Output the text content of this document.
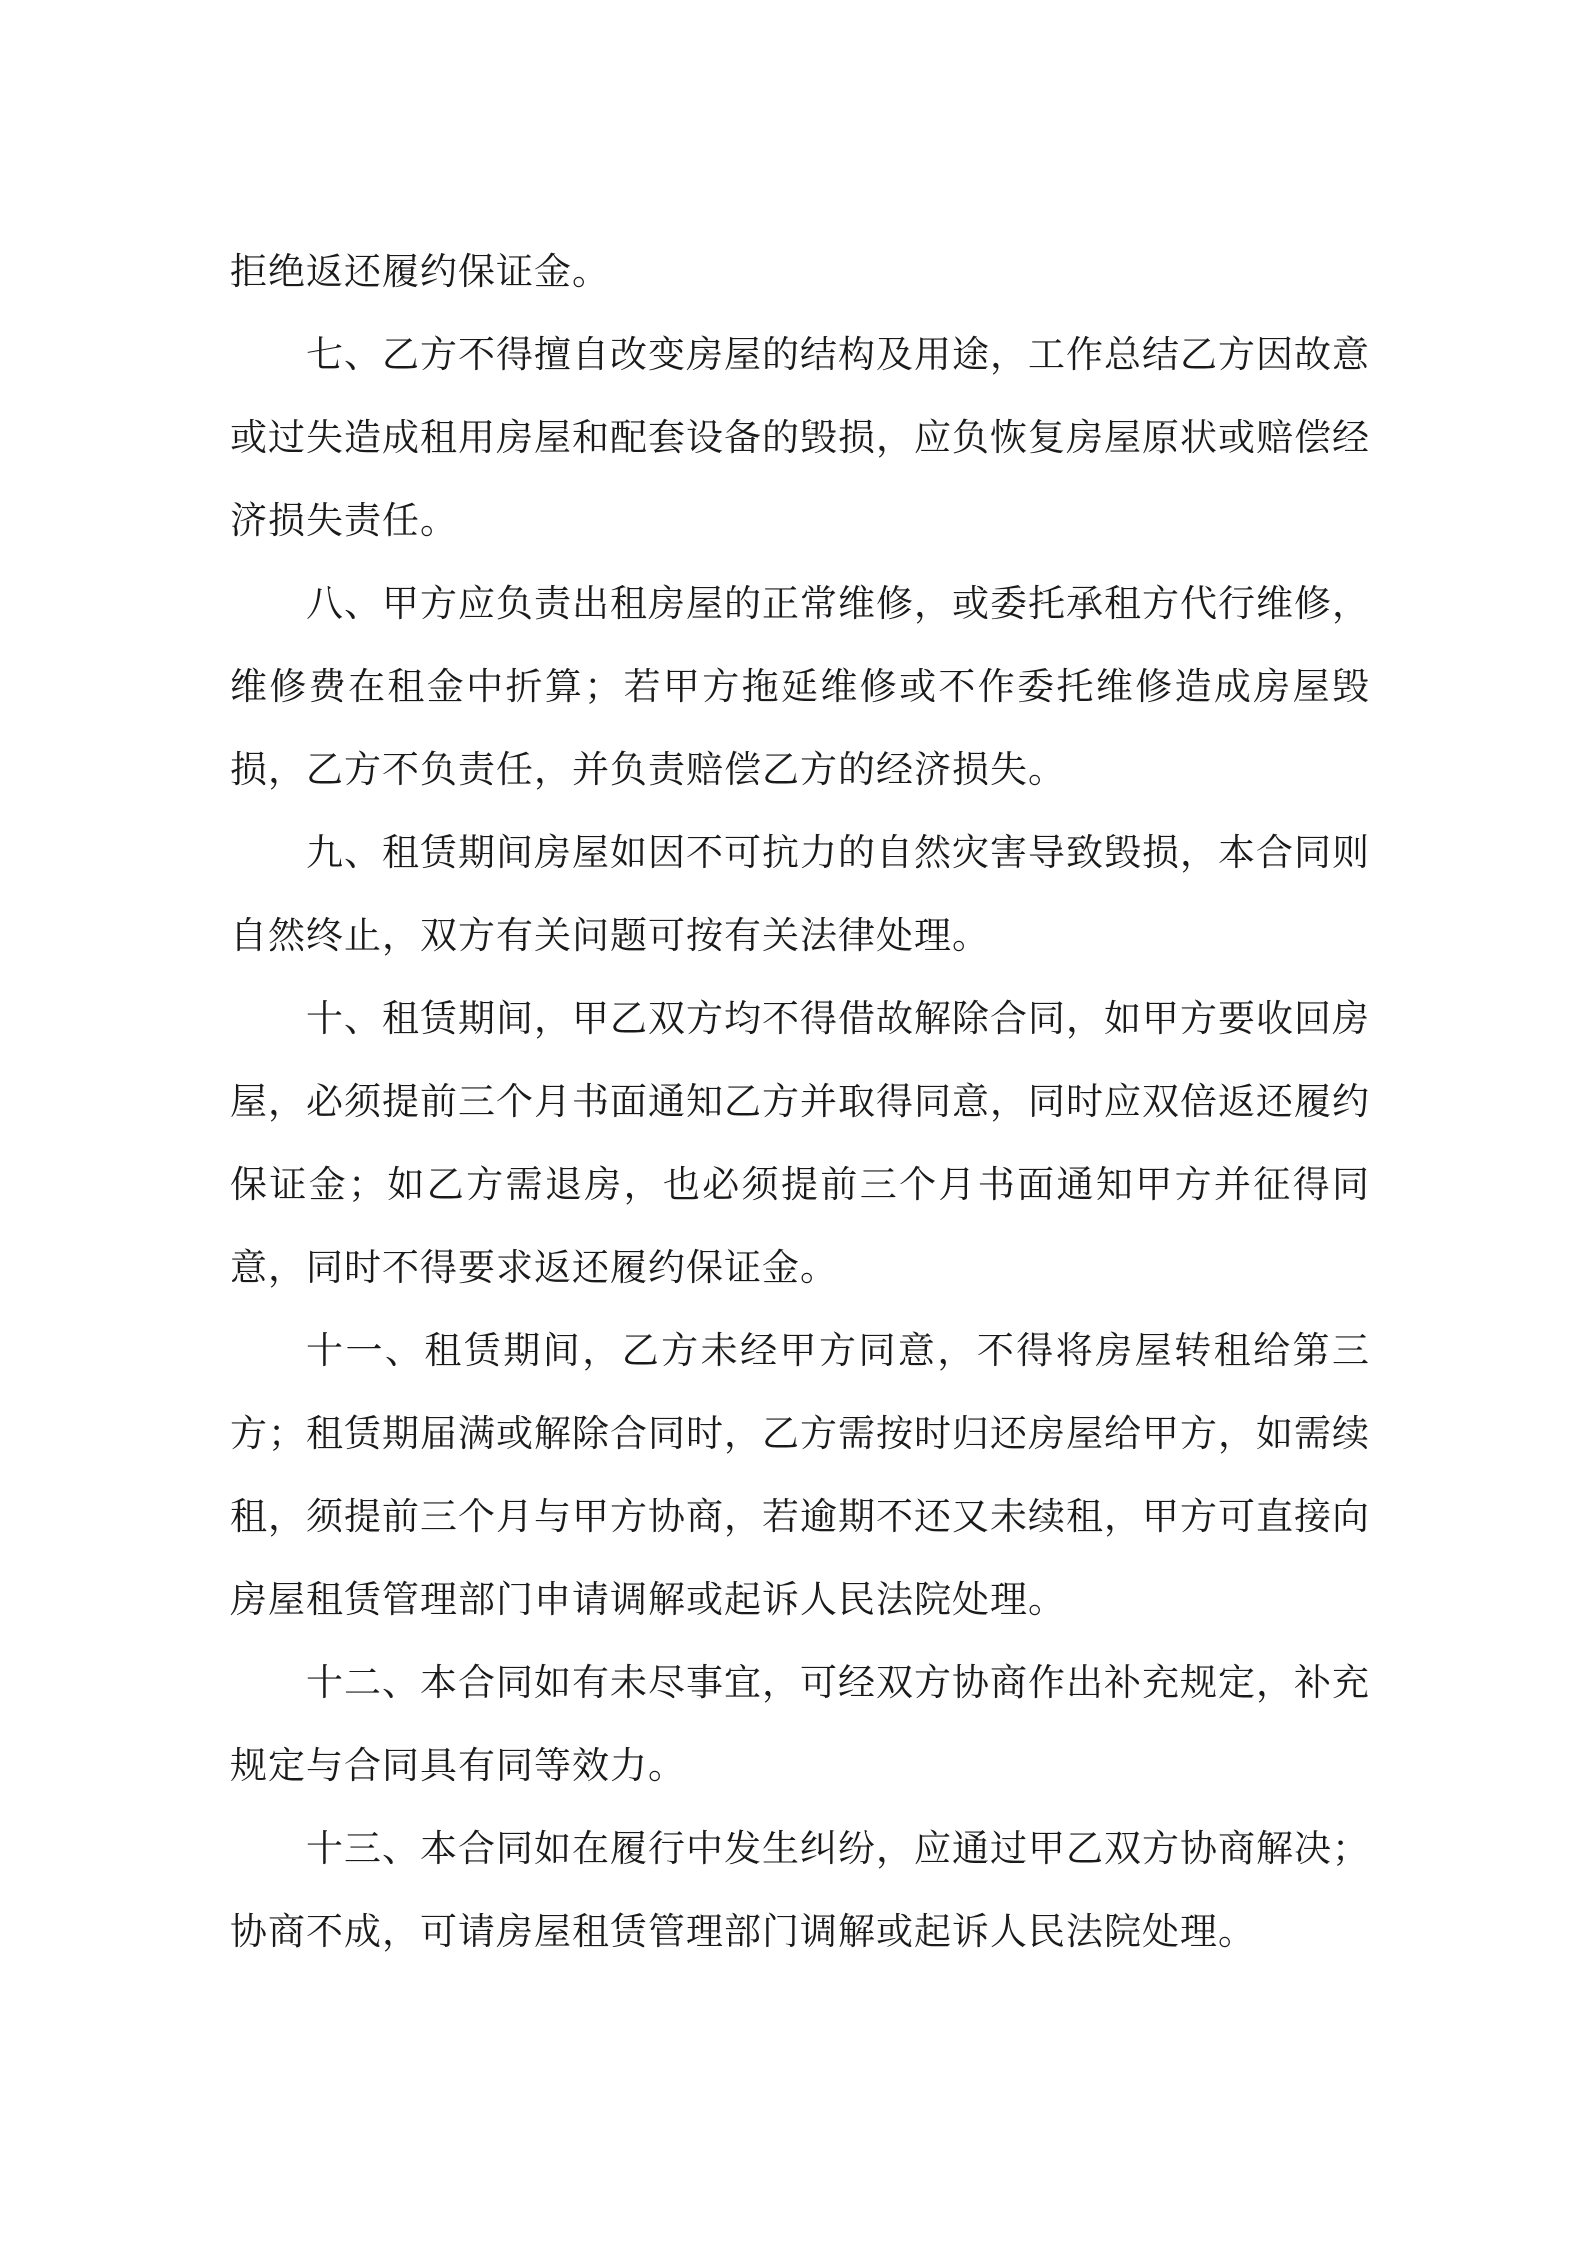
拒绝返还履约保证金。

七、乙方不得擅自改变房屋的结构及用途，工作总结乙方因故意或过失造成租用房屋和配套设备的毁损，应负恢复房屋原状或赔偿经济损失责任。

八、甲方应负责出租房屋的正常维修，或委托承租方代行维修，维修费在租金中折算；若甲方拖延维修或不作委托维修造成房屋毁损，乙方不负责任，并负责赔偿乙方的经济损失。

九、租赁期间房屋如因不可抗力的自然灾害导致毁损，本合同则自然终止，双方有关问题可按有关法律处理。

十、租赁期间，甲乙双方均不得借故解除合同，如甲方要收回房屋，必须提前三个月书面通知乙方并取得同意，同时应双倍返还履约保证金；如乙方需退房，也必须提前三个月书面通知甲方并征得同意，同时不得要求返还履约保证金。

十一、租赁期间，乙方未经甲方同意，不得将房屋转租给第三方；租赁期届满或解除合同时，乙方需按时归还房屋给甲方，如需续租，须提前三个月与甲方协商，若逾期不还又未续租，甲方可直接向房屋租赁管理部门申请调解或起诉人民法院处理。

十二、本合同如有未尽事宜，可经双方协商作出补充规定，补充规定与合同具有同等效力。

十三、本合同如在履行中发生纠纷，应通过甲乙双方协商解决；协商不成，可请房屋租赁管理部门调解或起诉人民法院处理。
